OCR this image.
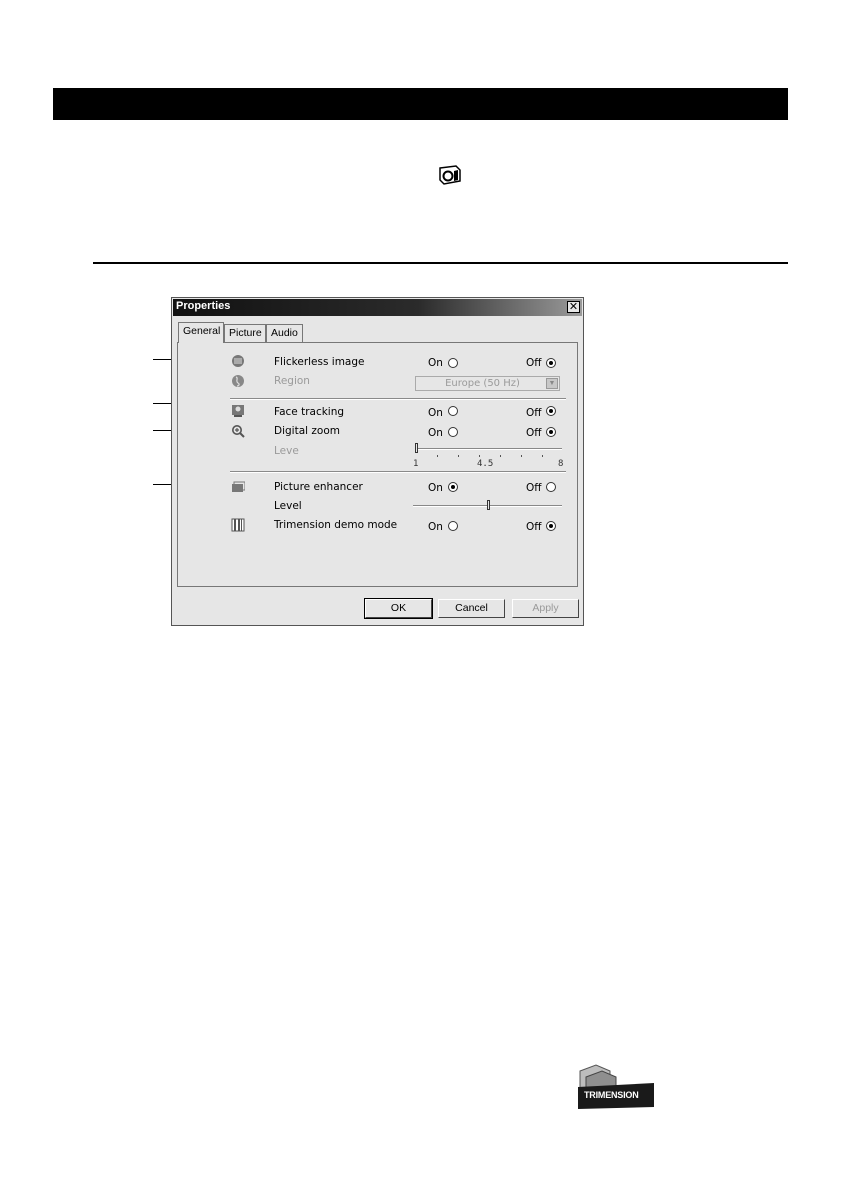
Properties	✕
General Picture Audio
Flickerless image	On	Off
Region	Europe (50 Hz)	▼
Face tracking	On	Off
Digital zoom	On	Off
Leve
1	4.5	8
Picture enhancer	On	Off
Level
Trimension demo mode	On	Off
OK	Cancel	Apply
TRIMENSION
